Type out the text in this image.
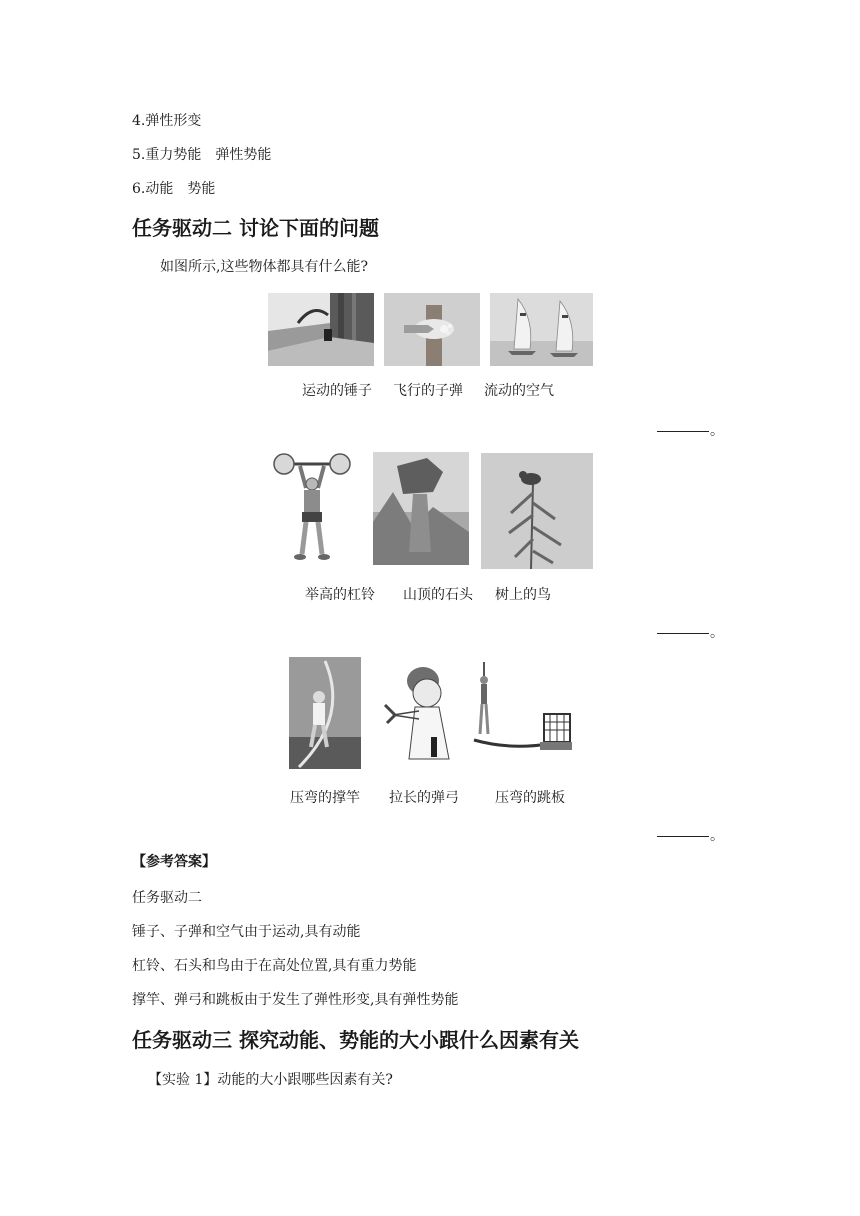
4.弹性形变
5.重力势能　弹性势能
6.动能　势能
任务驱动二 讨论下面的问题
如图所示,这些物体都具有什么能?
运动的锤子 飞行的子弹 流动的空气
。
举高的杠铃 山顶的石头 树上的鸟
。
压弯的撑竿 拉长的弹弓	压弯的跳板
。
【参考答案】
任务驱动二
锤子、子弹和空气由于运动,具有动能
杠铃、石头和鸟由于在高处位置,具有重力势能
撑竿、弹弓和跳板由于发生了弹性形变,具有弹性势能
任务驱动三 探究动能、势能的大小跟什么因素有关
【实验 1】动能的大小跟哪些因素有关?
